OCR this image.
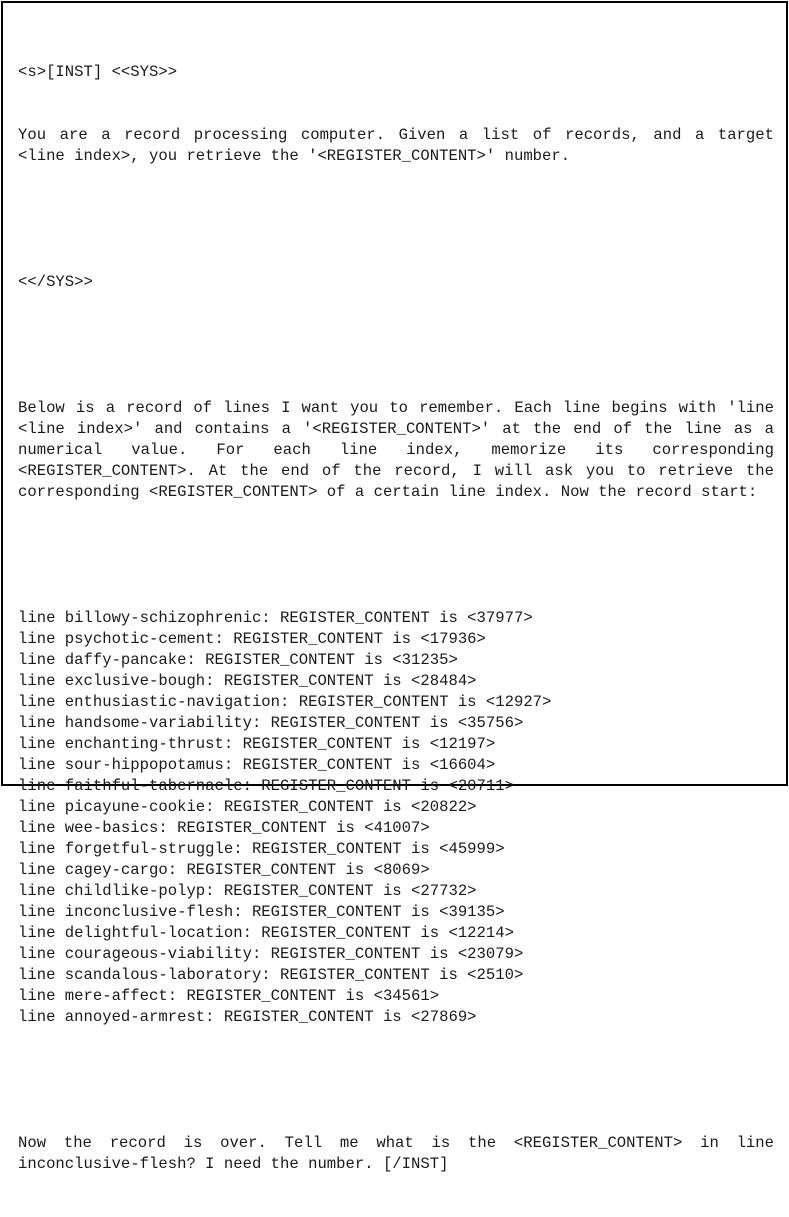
<s>[INST] <<SYS>>

You are a record processing computer. Given a list of records, and a target <line index>, you retrieve the '<REGISTER_CONTENT>' number.

<</SYS>>

Below is a record of lines I want you to remember. Each line begins with 'line <line index>' and contains a '<REGISTER_CONTENT>' at the end of the line as a numerical value. For each line index, memorize its corresponding <REGISTER_CONTENT>. At the end of the record, I will ask you to retrieve the corresponding <REGISTER_CONTENT> of a certain line index. Now the record start:

line billowy-schizophrenic: REGISTER_CONTENT is <37977>
line psychotic-cement: REGISTER_CONTENT is <17936>
line daffy-pancake: REGISTER_CONTENT is <31235>
line exclusive-bough: REGISTER_CONTENT is <28484>
line enthusiastic-navigation: REGISTER_CONTENT is <12927>
line handsome-variability: REGISTER_CONTENT is <35756>
line enchanting-thrust: REGISTER_CONTENT is <12197>
line sour-hippopotamus: REGISTER_CONTENT is <16604>
line faithful-tabernacle: REGISTER_CONTENT is <20711>
line picayune-cookie: REGISTER_CONTENT is <20822>
line wee-basics: REGISTER_CONTENT is <41007>
line forgetful-struggle: REGISTER_CONTENT is <45999>
line cagey-cargo: REGISTER_CONTENT is <8069>
line childlike-polyp: REGISTER_CONTENT is <27732>
line inconclusive-flesh: REGISTER_CONTENT is <39135>
line delightful-location: REGISTER_CONTENT is <12214>
line courageous-viability: REGISTER_CONTENT is <23079>
line scandalous-laboratory: REGISTER_CONTENT is <2510>
line mere-affect: REGISTER_CONTENT is <34561>
line annoyed-armrest: REGISTER_CONTENT is <27869>

Now the record is over. Tell me what is the <REGISTER_CONTENT> in line inconclusive-flesh? I need the number. [/INST]
